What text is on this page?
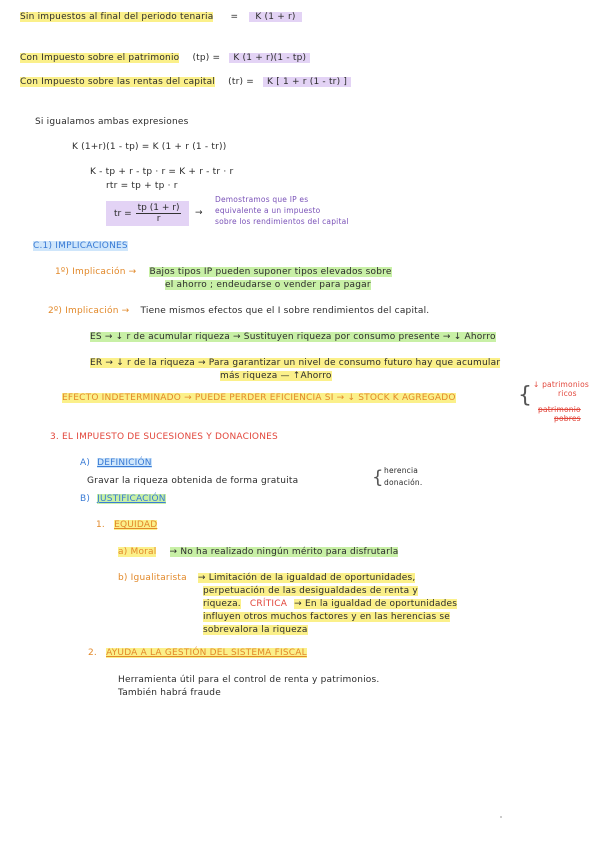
Sin impuestos al final del periodo tenaria = K (1 + r)
Con Impuesto sobre el patrimonio (tp) = K (1 + r)(1 - tp)
Con Impuesto sobre las rentas del capital (tr) = K [ 1 + r (1 - tr) ]
Si igualamos ambas expresiones
K (1+r)(1 - tp) = K (1 + r (1 - tr))
K - tp + r - tp · r = K + r - tr · r
rtr = tp + tp · r
tr = $\frac{tp (1 + r)}{r}$ →
Demostramos que IP es
equivalente a un impuesto
sobre los rendimientos del capital
C.1) IMPLICACIONES
1º) Implicación → Bajos tipos IP pueden suponer tipos elevados sobre
el ahorro ; endeudarse o vender para pagar
2º) Implicación → Tiene mismos efectos que el I sobre rendimientos del capital.
ES → ↓ r de acumular riqueza → Sustituyen riqueza por consumo presente → ↓ Ahorro
ER → ↓ r de la riqueza → Para garantizar un nivel de consumo futuro hay que acumular
más riqueza — ↑Ahorro
EFECTO INDETERMINADO → PUEDE PERDER EFICIENCIA SI → ↓ STOCK K AGREGADO	{ ↓ patrimonios
ricos
patrimonio
pobres
3. EL IMPUESTO DE SUCESIONES Y DONACIONES
A) DEFINICIÓN
Gravar la riqueza obtenida de forma gratuita	{ herencia
donación.
B) JUSTIFICACIÓN
1. EQUIDAD
a) Moral → No ha realizado ningún mérito para disfrutarla
b) Igualitarista → Limitación de la igualdad de oportunidades,
perpetuación de las desigualdades de renta y
riqueza. CRÍTICA → En la igualdad de oportunidades
influyen otros muchos factores y en las herencias se
sobrevalora la riqueza
2. AYUDA A LA GESTIÓN DEL SISTEMA FISCAL
Herramienta útil para el control de renta y patrimonios.
También habrá fraude
